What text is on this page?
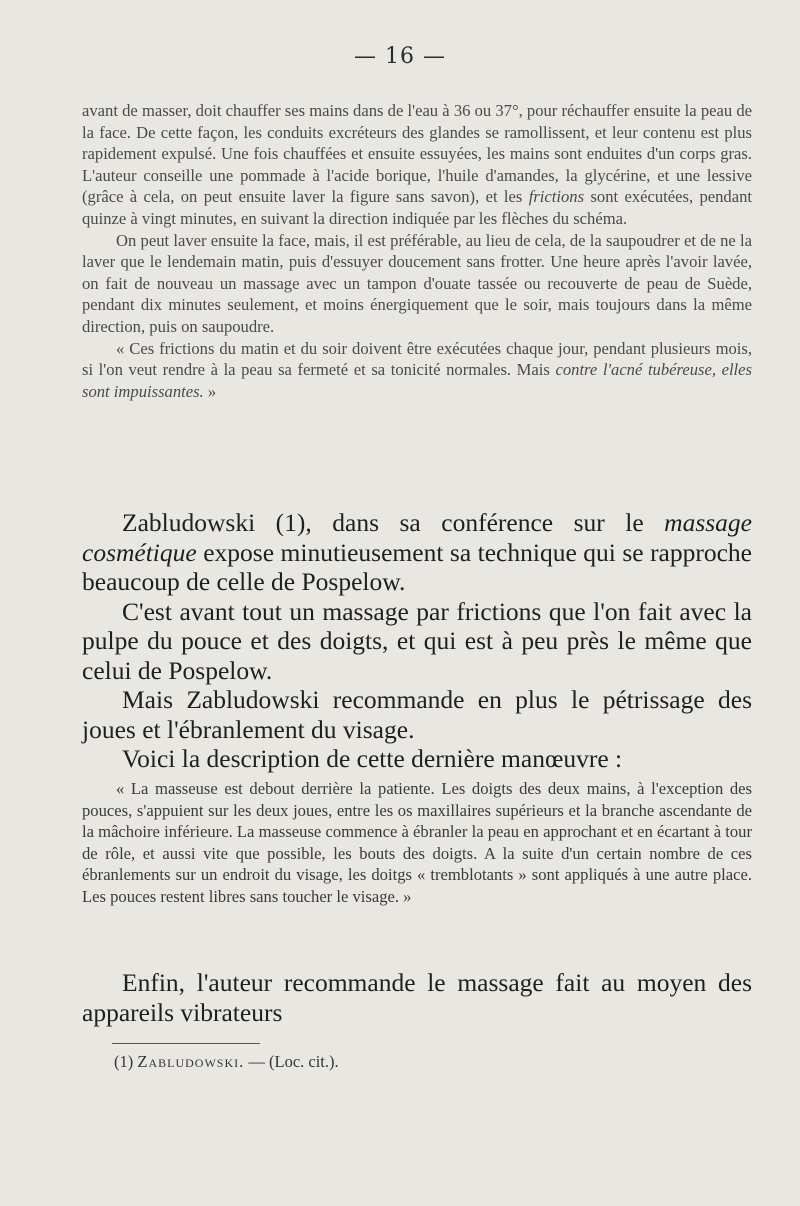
— 16 —

avant de masser, doit chauffer ses mains dans de l'eau à 36 ou 37°, pour réchauffer ensuite la peau de la face. De cette façon, les conduits excréteurs des glandes se ramollissent, et leur contenu est plus rapidement expulsé. Une fois chauffées et ensuite essuyées, les mains sont enduites d'un corps gras. L'auteur conseille une pommade à l'acide borique, l'huile d'amandes, la glycérine, et une lessive (grâce à cela, on peut ensuite laver la figure sans savon), et les frictions sont exécutées, pendant quinze à vingt minutes, en suivant la direction indiquée par les flèches du schéma.

On peut laver ensuite la face, mais, il est préférable, au lieu de cela, de la saupoudrer et de ne la laver que le lendemain matin, puis d'essuyer doucement sans frotter. Une heure après l'avoir lavée, on fait de nouveau un massage avec un tampon d'ouate tassée ou recouverte de peau de Suède, pendant dix minutes seulement, et moins énergiquement que le soir, mais toujours dans la même direction, puis on saupoudre.

« Ces frictions du matin et du soir doivent être exécutées chaque jour, pendant plusieurs mois, si l'on veut rendre à la peau sa fermeté et sa tonicité normales. Mais contre l'acné tubéreuse, elles sont impuissantes. »

Zabludowski (1), dans sa conférence sur le massage cosmétique expose minutieusement sa technique qui se rapproche beaucoup de celle de Pospelow.

C'est avant tout un massage par frictions que l'on fait avec la pulpe du pouce et des doigts, et qui est à peu près le même que celui de Pospelow.

Mais Zabludowski recommande en plus le pétrissage des joues et l'ébranlement du visage.

Voici la description de cette dernière manœuvre :

« La masseuse est debout derrière la patiente. Les doigts des deux mains, à l'exception des pouces, s'appuient sur les deux joues, entre les os maxillaires supérieurs et la branche ascendante de la mâchoire inférieure. La masseuse commence à ébranler la peau en approchant et en écartant à tour de rôle, et aussi vite que possible, les bouts des doigts. A la suite d'un certain nombre de ces ébranlements sur un endroit du visage, les doitgs « tremblotants » sont appliqués à une autre place. Les pouces restent libres sans toucher le visage. »

Enfin, l'auteur recommande le massage fait au moyen des appareils vibrateurs

(1) Zabludowski. — (Loc. cit.).
